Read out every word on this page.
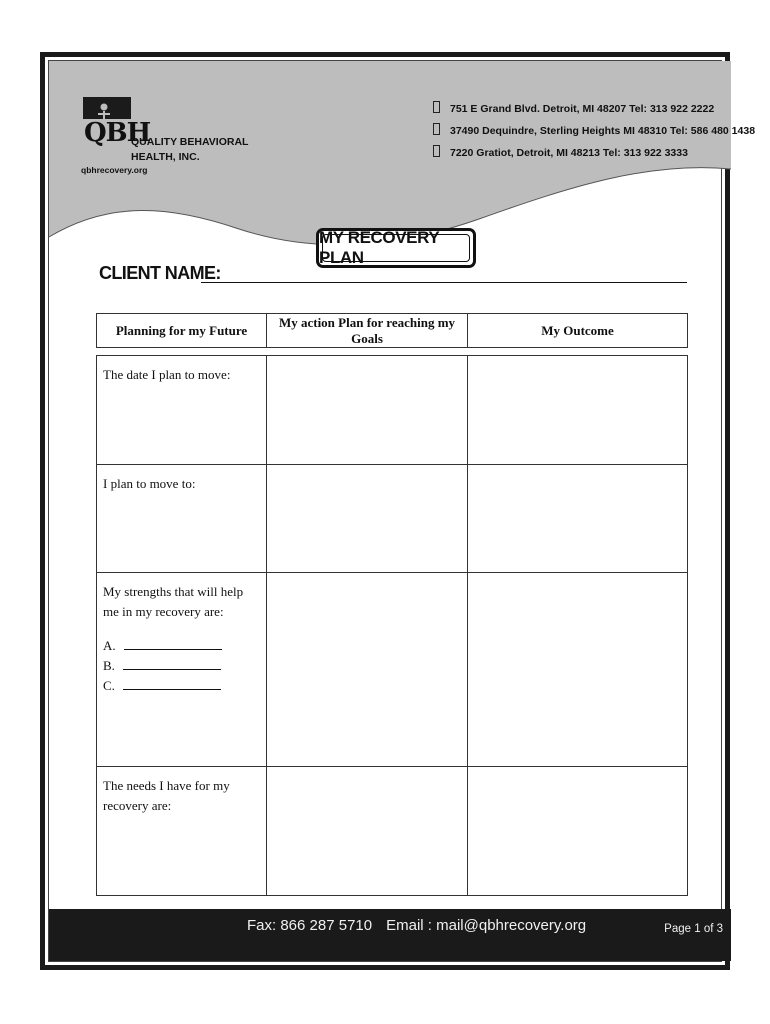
QBH
QUALITY BEHAVIORAL
HEALTH, INC.
qbhrecovery.org
751 E Grand Blvd. Detroit, MI 48207 Tel: 313 922 2222
37490 Dequindre, Sterling Heights MI 48310 Tel: 586 480 1438
7220 Gratiot, Detroit, MI 48213 Tel: 313 922 3333
MY RECOVERY PLAN
CLIENT NAME:
Planning for my Future	My action Plan for reaching my Goals	My Outcome
The date I plan to move:		

I plan to move to:		

My strengths that will help me in my recovery are:
A.
B.
C.		

The needs I have for my recovery are:		

Fax: 866 287 5710 Email : mail@qbhrecovery.org	Page 1 of 3
